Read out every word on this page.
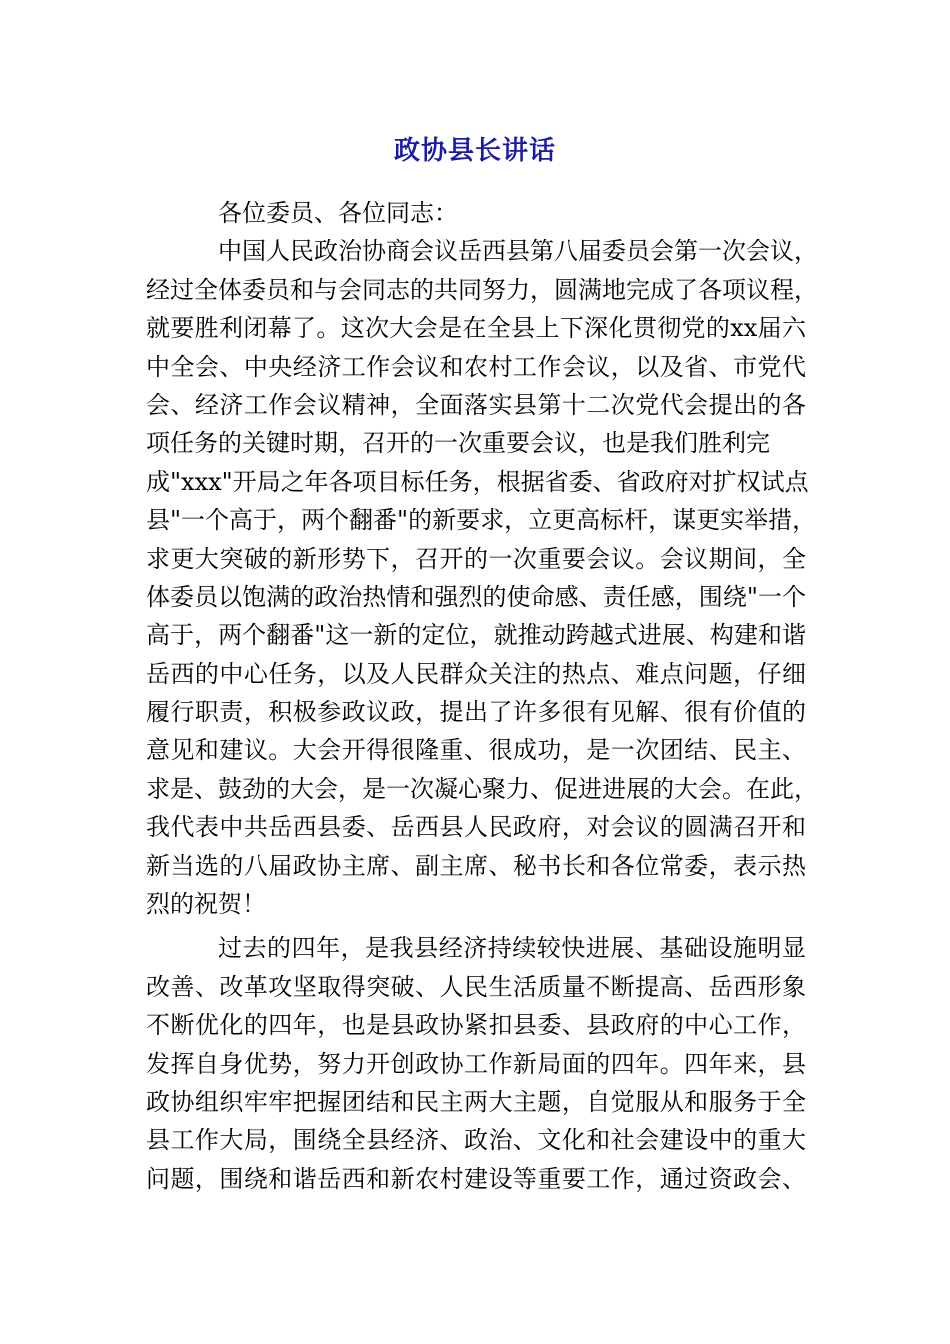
政协县长讲话
各位委员、各位同志：
中国人民政治协商会议岳西县第八届委员会第一次会议，
经过全体委员和与会同志的共同努力，圆满地完成了各项议程，
就要胜利闭幕了。这次大会是在全县上下深化贯彻党的xx届六
中全会、中央经济工作会议和农村工作会议，以及省、市党代
会、经济工作会议精神，全面落实县第十二次党代会提出的各
项任务的关键时期，召开的一次重要会议，也是我们胜利完
成"xxx"开局之年各项目标任务，根据省委、省政府对扩权试点
县"一个高于，两个翻番"的新要求，立更高标杆，谋更实举措，
求更大突破的新形势下，召开的一次重要会议。会议期间，全
体委员以饱满的政治热情和强烈的使命感、责任感，围绕"一个
高于，两个翻番"这一新的定位，就推动跨越式进展、构建和谐
岳西的中心任务，以及人民群众关注的热点、难点问题，仔细
履行职责，积极参政议政，提出了许多很有见解、很有价值的
意见和建议。大会开得很隆重、很成功，是一次团结、民主、
求是、鼓劲的大会，是一次凝心聚力、促进进展的大会。在此，
我代表中共岳西县委、岳西县人民政府，对会议的圆满召开和
新当选的八届政协主席、副主席、秘书长和各位常委，表示热
烈的祝贺！
过去的四年，是我县经济持续较快进展、基础设施明显
改善、改革攻坚取得突破、人民生活质量不断提高、岳西形象
不断优化的四年，也是县政协紧扣县委、县政府的中心工作，
发挥自身优势，努力开创政协工作新局面的四年。四年来，县
政协组织牢牢把握团结和民主两大主题，自觉服从和服务于全
县工作大局，围绕全县经济、政治、文化和社会建设中的重大
问题，围绕和谐岳西和新农村建设等重要工作，通过资政会、
